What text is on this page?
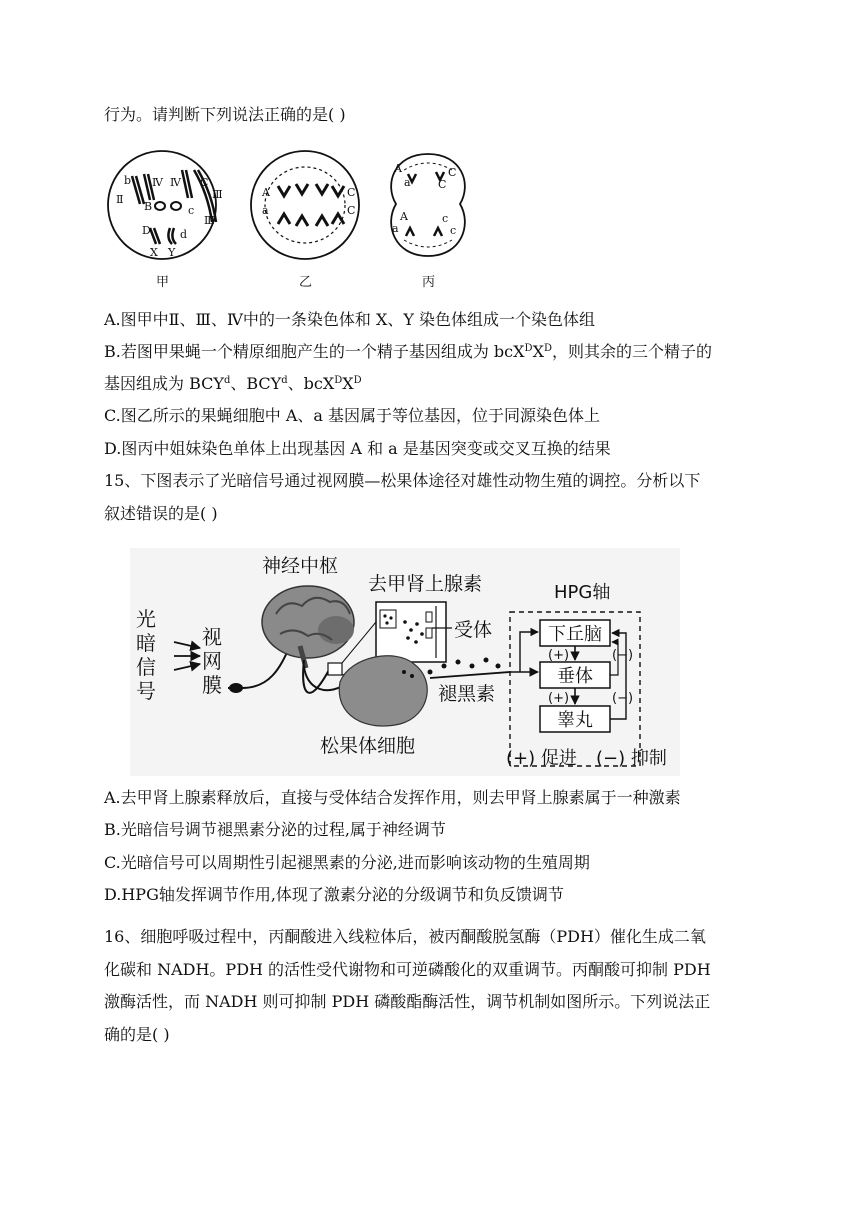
行为。请判断下列说法正确的是( )
b
Ⅱ
Ⅳ Ⅳ
B
C
Ⅲ
c
Ⅲ
D	d
X Y
A
a
C
C
A
a
C
C
A
a
c
c
甲	乙	丙
A.图甲中Ⅱ、Ⅲ、Ⅳ中的一条染色体和 X、Y 染色体组成一个染色体组
B.若图甲果蝇一个精原细胞产生的一个精子基因组成为 $bcX^DX^D$，则其余的三个精子的
基因组成为 BCY$^d$、BCY$^d$、$bcX^DX^D$
C.图乙所示的果蝇细胞中 A、a 基因属于等位基因，位于同源染色体上
D.图丙中姐妹染色单体上出现基因 A 和 a 是基因突变或交叉互换的结果
15、下图表示了光暗信号通过视网膜—松果体途径对雄性动物生殖的调控。分析以下
叙述错误的是( )
光
暗
信
号
视
网
膜
神经中枢
去甲肾上腺素
受体
松果体细胞
褪黑素
HPG轴
下丘脑
垂体
睾丸
(+)
(+)
(−)
(−)
(+) 促进 (−) 抑制
A.去甲肾上腺素释放后，直接与受体结合发挥作用，则去甲肾上腺素属于一种激素
B.光暗信号调节褪黑素分泌的过程,属于神经调节
C.光暗信号可以周期性引起褪黑素的分泌,进而影响该动物的生殖周期
D.HPG轴发挥调节作用,体现了激素分泌的分级调节和负反馈调节
16、细胞呼吸过程中，丙酮酸进入线粒体后，被丙酮酸脱氢酶（PDH）催化生成二氧
化碳和 NADH。PDH 的活性受代谢物和可逆磷酸化的双重调节。丙酮酸可抑制 PDH
激酶活性，而 NADH 则可抑制 PDH 磷酸酯酶活性，调节机制如图所示。下列说法正
确的是( )
